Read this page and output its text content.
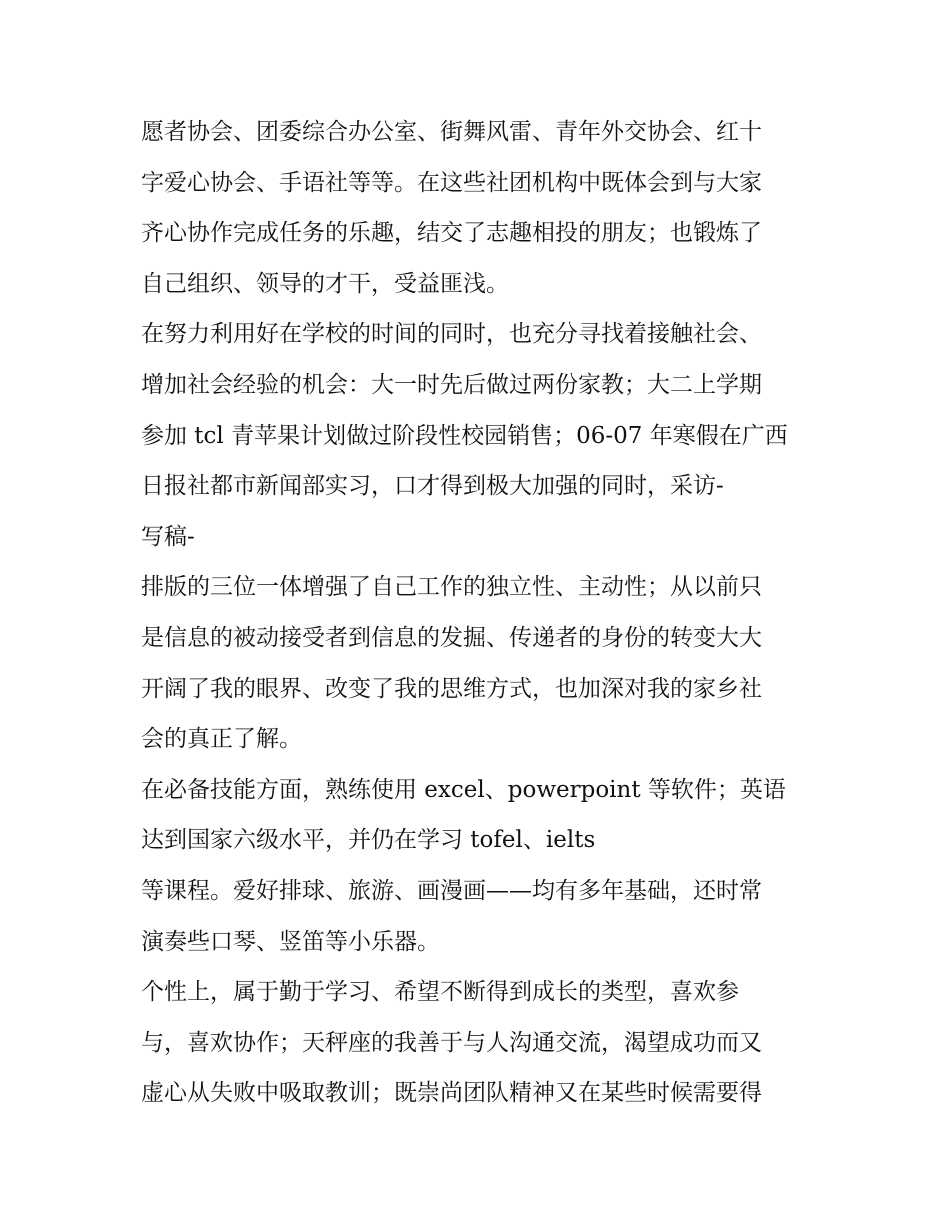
愿者协会、团委综合办公室、街舞风雷、青年外交协会、红十
字爱心协会、手语社等等。在这些社团机构中既体会到与大家
齐心协作完成任务的乐趣，结交了志趣相投的朋友；也锻炼了
自己组织、领导的才干，受益匪浅。
在努力利用好在学校的时间的同时，也充分寻找着接触社会、
增加社会经验的机会：大一时先后做过两份家教；大二上学期
参加 tcl 青苹果计划做过阶段性校园销售；06-07 年寒假在广西
日报社都市新闻部实习，口才得到极大加强的同时，采访-
写稿-
排版的三位一体增强了自己工作的独立性、主动性；从以前只
是信息的被动接受者到信息的发掘、传递者的身份的转变大大
开阔了我的眼界、改变了我的思维方式，也加深对我的家乡社
会的真正了解。
在必备技能方面，熟练使用 excel、powerpoint 等软件；英语
达到国家六级水平，并仍在学习 tofel、ielts
等课程。爱好排球、旅游、画漫画——均有多年基础，还时常
演奏些口琴、竖笛等小乐器。
个性上，属于勤于学习、希望不断得到成长的类型，喜欢参
与，喜欢协作；天秤座的我善于与人沟通交流，渴望成功而又
虚心从失败中吸取教训；既崇尚团队精神又在某些时候需要得
